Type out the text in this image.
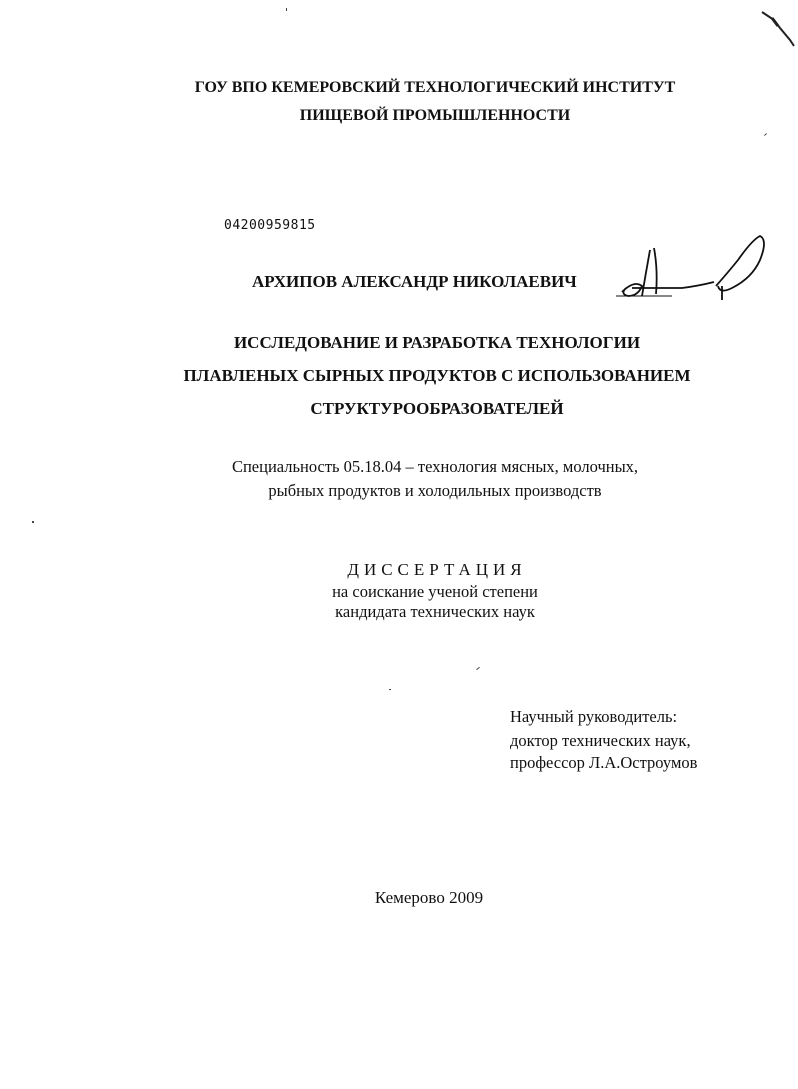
ГОУ ВПО КЕМЕРОВСКИЙ ТЕХНОЛОГИЧЕСКИЙ ИНСТИТУТ
ПИЩЕВОЙ ПРОМЫШЛЕННОСТИ
04200959815
АРХИПОВ АЛЕКСАНДР НИКОЛАЕВИЧ
ИССЛЕДОВАНИЕ И РАЗРАБОТКА ТЕХНОЛОГИИ
ПЛАВЛЕНЫХ СЫРНЫХ ПРОДУКТОВ С ИСПОЛЬЗОВАНИЕМ
СТРУКТУРООБРАЗОВАТЕЛЕЙ
Специальность 05.18.04 – технология мясных, молочных,
рыбных продуктов и холодильных производств
ДИССЕРТАЦИЯ
на соискание ученой степени
кандидата технических наук
Научный руководитель:
доктор технических наук,
профессор Л.А.Остроумов
Кемерово 2009
